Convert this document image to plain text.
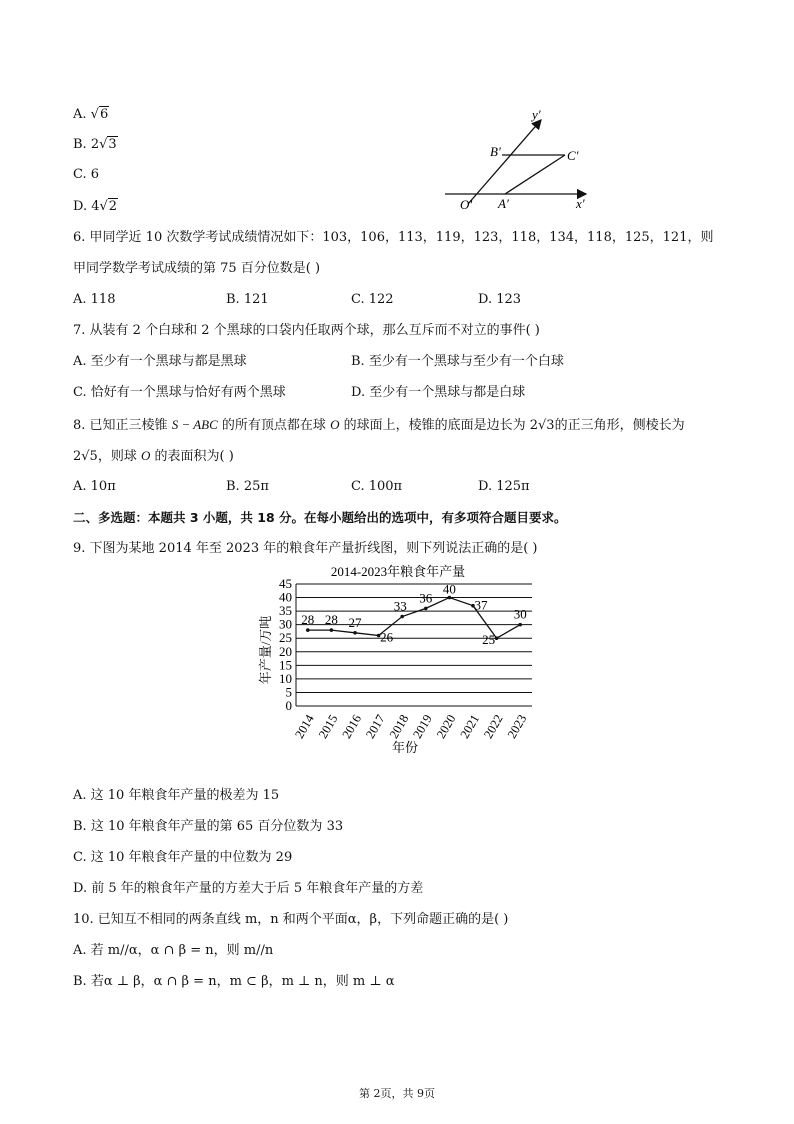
A. √6
B. 2√3
C. 6
D. 4√2
y′
x′
O′ A′
B′	C′
6. 甲同学近 10 次数学考试成绩情况如下：103，106，113，119，123，118，134，118，125，121，则
甲同学数学考试成绩的第 75 百分位数是( )
A. 118	B. 121	C. 122	D. 123
7. 从装有 2 个白球和 2 个黑球的口袋内任取两个球，那么互斥而不对立的事件( )
A. 至少有一个黑球与都是黑球	B. 至少有一个黑球与至少有一个白球
C. 恰好有一个黑球与恰好有两个黑球	D. 至少有一个黑球与都是白球
8. 已知正三棱锥 S − ABC 的所有顶点都在球 O 的球面上，棱锥的底面是边长为 2√3的正三角形，侧棱长为
2√5，则球 O 的表面积为( )
A. 10π	B. 25π	C. 100π	D. 125π
二、多选题：本题共 3 小题，共 18 分。在每小题给出的选项中，有多项符合题目要求。
9. 下图为某地 2014 年至 2023 年的粮食年产量折线图，则下列说法正确的是( )
2014-2023年粮食年产量
0
5
10
15
20
25
30
35
40
45
2014
2015
2016
2017
2018
2019
2020
2021
2022
2023
28 28 27
26
33
36
40
37
25
30
年份
年产量/万吨
A. 这 10 年粮食年产量的极差为 15
B. 这 10 年粮食年产量的第 65 百分位数为 33
C. 这 10 年粮食年产量的中位数为 29
D. 前 5 年的粮食年产量的方差大于后 5 年粮食年产量的方差
10. 已知互不相同的两条直线 m，n 和两个平面α，β，下列命题正确的是( )
A. 若 m//α，α ∩ β = n，则 m//n
B. 若α ⊥ β，α ∩ β = n，m ⊂ β，m ⊥ n，则 m ⊥ α
第 2页，共 9页
